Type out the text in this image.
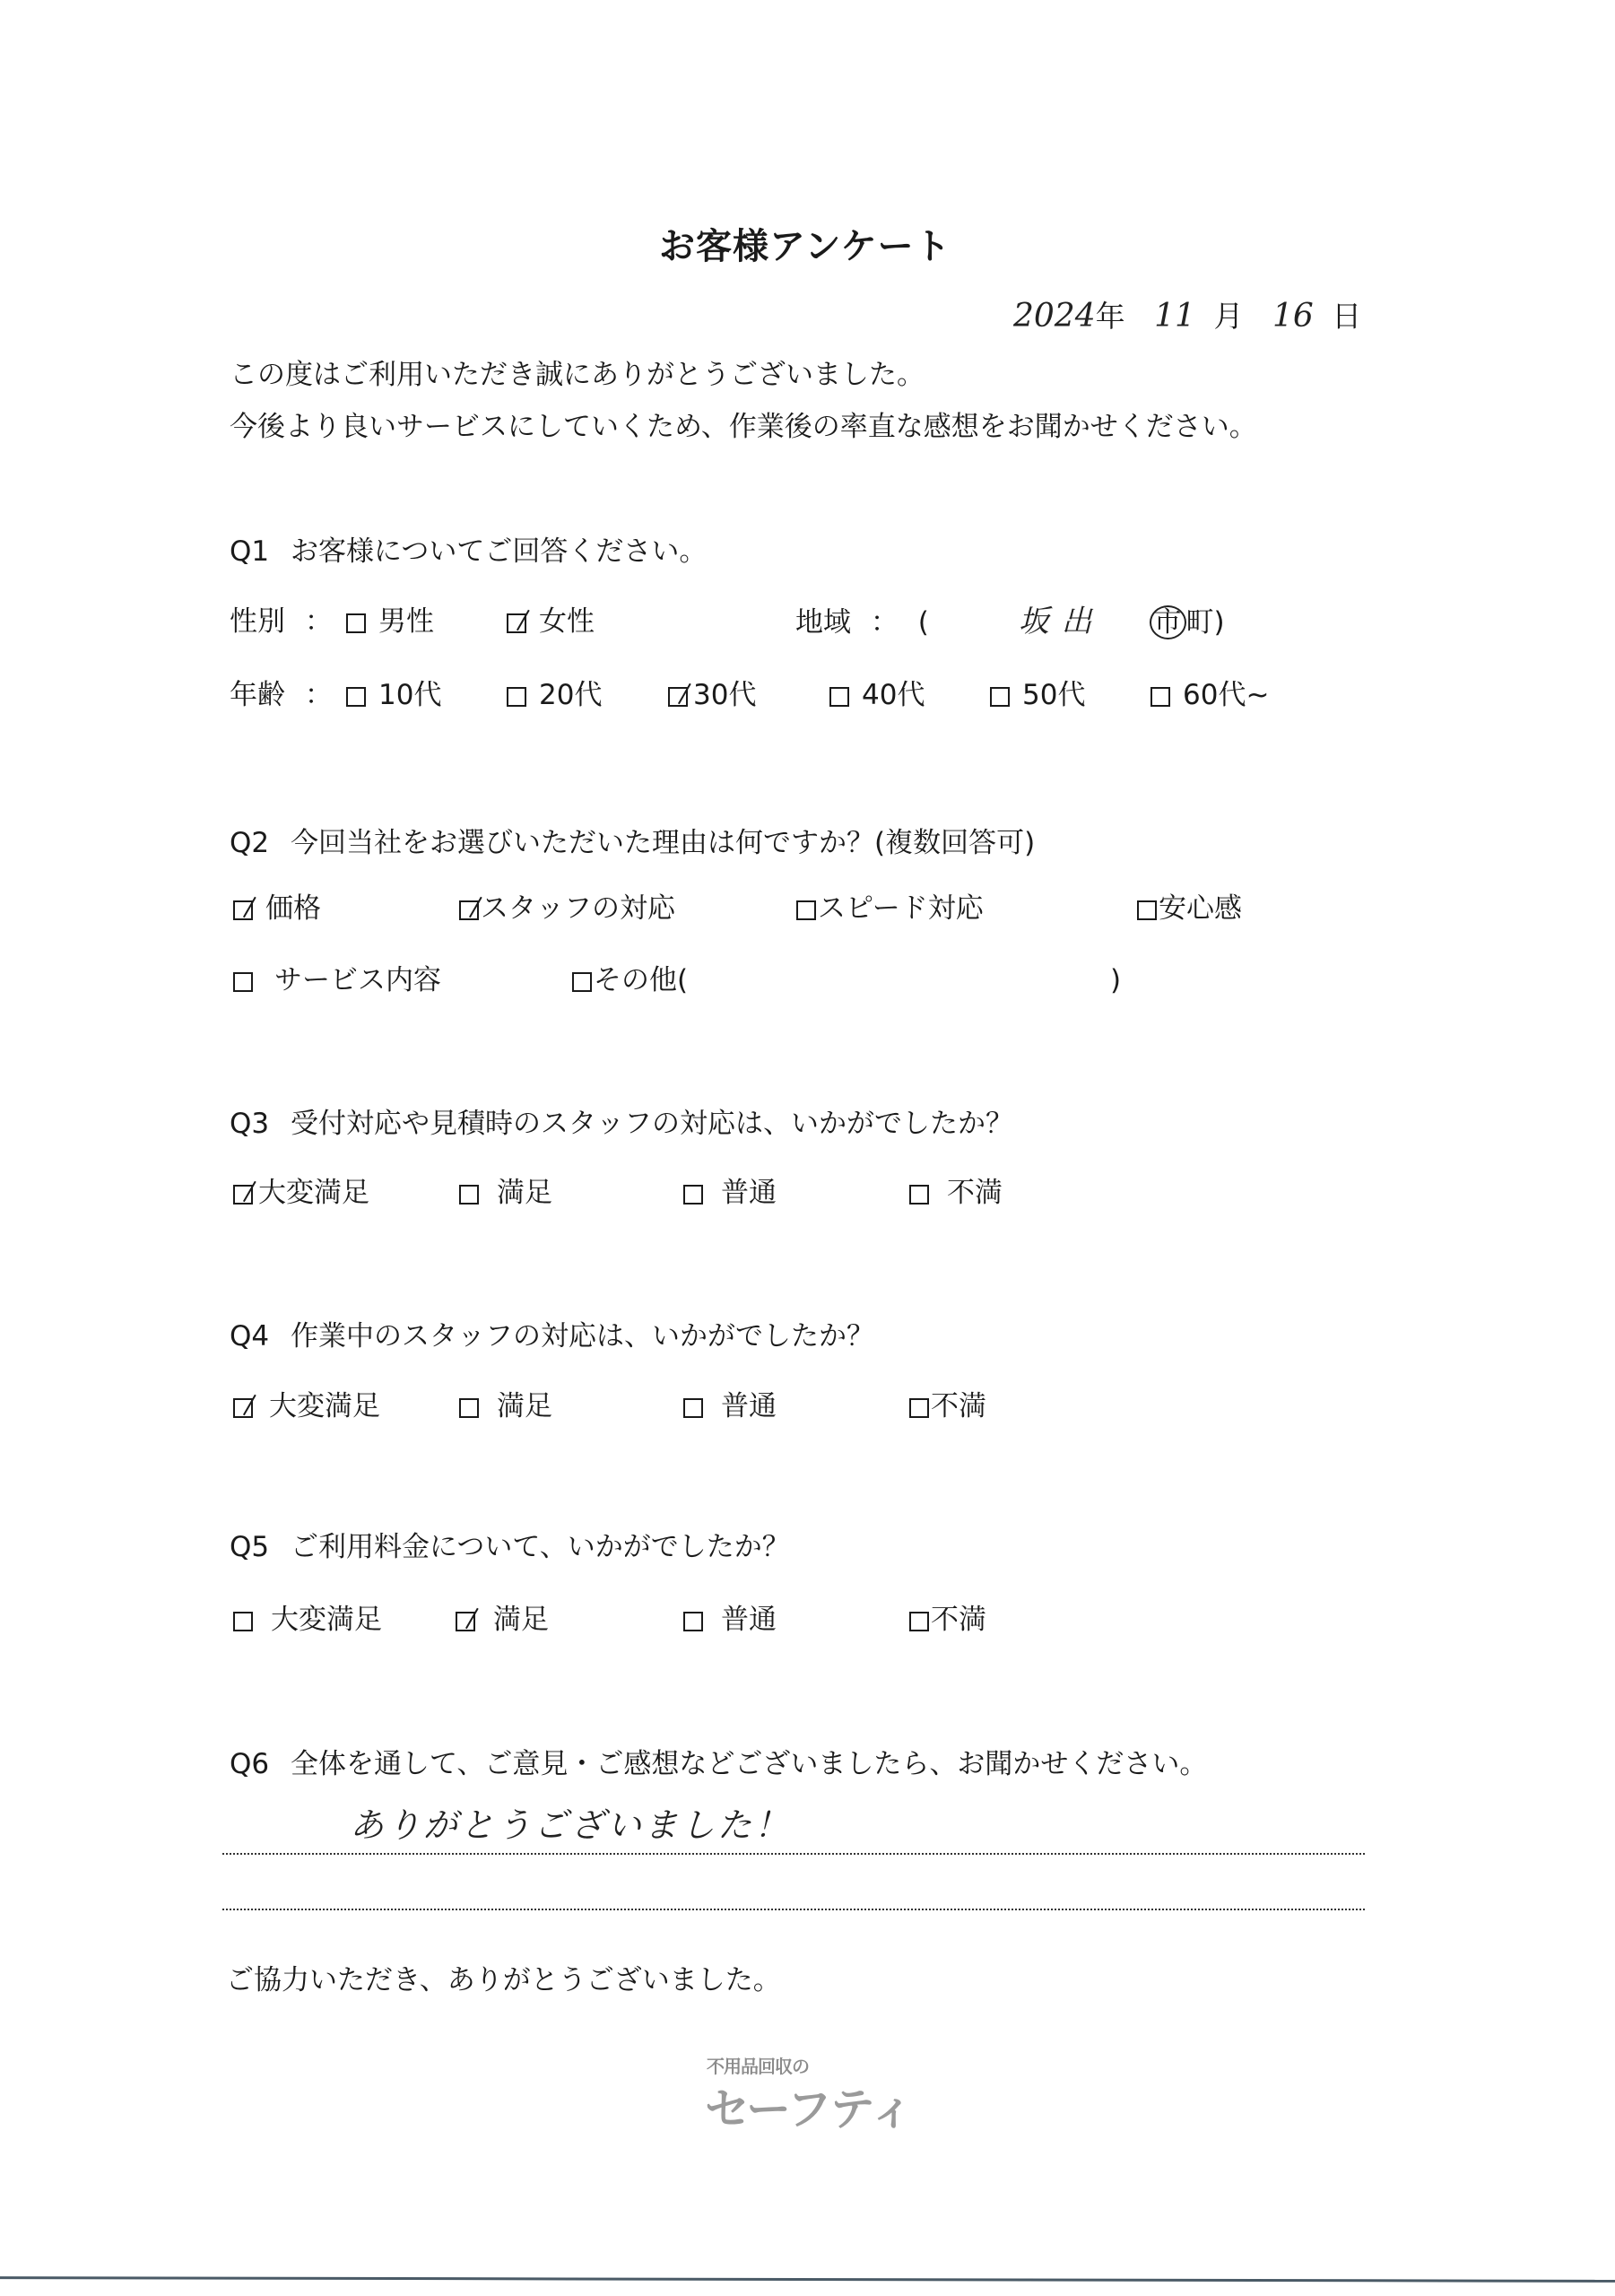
お客様アンケート
2024年 11 月 16 日
この度はご利用いただき誠にありがとうございました。
今後より良いサービスにしていくため、作業後の率直な感想をお聞かせください。
Q1 お客様についてご回答ください。
性別 ：	男性	女性	地域 ： (	坂出 市 町)
年齢 ：	10代	20代	30代	40代	50代	60代~
Q2 今回当社をお選びいただいた理由は何ですか？(複数回答可)
価格	スタッフの対応	スピード対応	安心感
サービス内容	その他(	)
Q3 受付対応や見積時のスタッフの対応は、いかがでしたか？
大変満足	満足	普通	不満
Q4 作業中のスタッフの対応は、いかがでしたか？
大変満足	満足	普通	不満
Q5 ご利用料金について、いかがでしたか？
大変満足	満足	普通	不満
Q6 全体を通して、ご意見・ご感想などございましたら、お聞かせください。
ありがとうございました！
ご協力いただき、ありがとうございました。
不用品回収の
セーフティ
